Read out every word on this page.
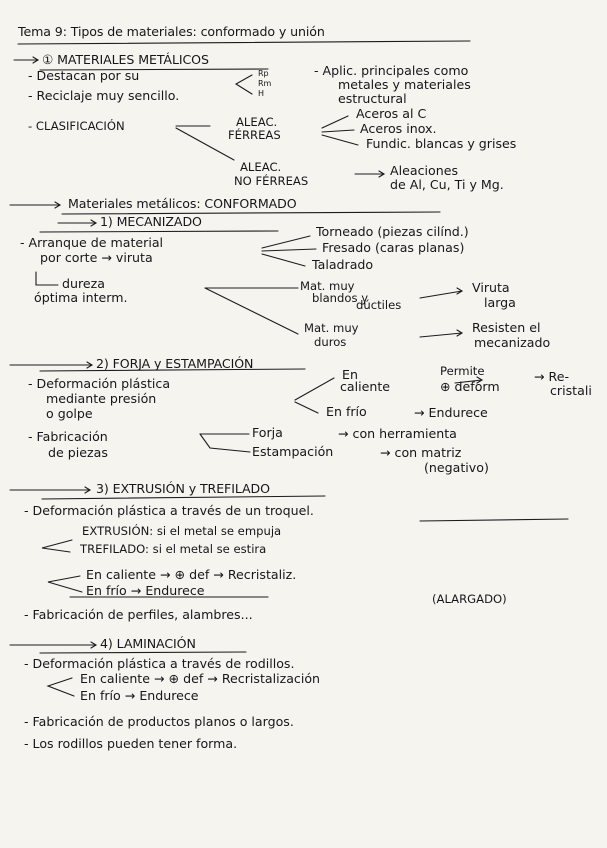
Tema 9: Tipos de materiales: conformado y unión
① MATERIALES METÁLICOS
- Destacan por su	Rp
Rm
H
- Aplic. principales como
metales y materiales
estructural
- Reciclaje muy sencillo.
- CLASIFICACIÓN	ALEAC.
FÉRREAS
Aceros al C
Aceros inox.
Fundic. blancas y grises
ALEAC.
NO FÉRREAS
Aleaciones
de Al, Cu, Ti y Mg.
Materiales metálicos: CONFORMADO
1) MECANIZADO
- Arranque de material
por corte → viruta
Torneado (piezas cilínd.)
Fresado (caras planas)
Taladrado
dureza
óptima interm.
Mat. muy
blandos y
dúctiles
Viruta
larga
Mat. muy
duros
Resisten el
mecanizado
2) FORJA y ESTAMPACIÓN
- Deformación plástica
mediante presión
o golpe
En
caliente
Permite
⊕ deform
→ Re-
cristali
En frío	→ Endurece
- Fabricación
de piezas
Forja	→ con herramienta
Estampación	→ con matriz
(negativo)
3) EXTRUSIÓN y TREFILADO
- Deformación plástica a través de un troquel.
EXTRUSIÓN: si el metal se empuja
TREFILADO: si el metal se estira
En caliente → ⊕ def → Recristaliz.
En frío → Endurece
(ALARGADO)
- Fabricación de perfiles, alambres...
4) LAMINACIÓN
- Deformación plástica a través de rodillos.
En caliente → ⊕ def → Recristalización
En frío → Endurece
- Fabricación de productos planos o largos.
- Los rodillos pueden tener forma.
